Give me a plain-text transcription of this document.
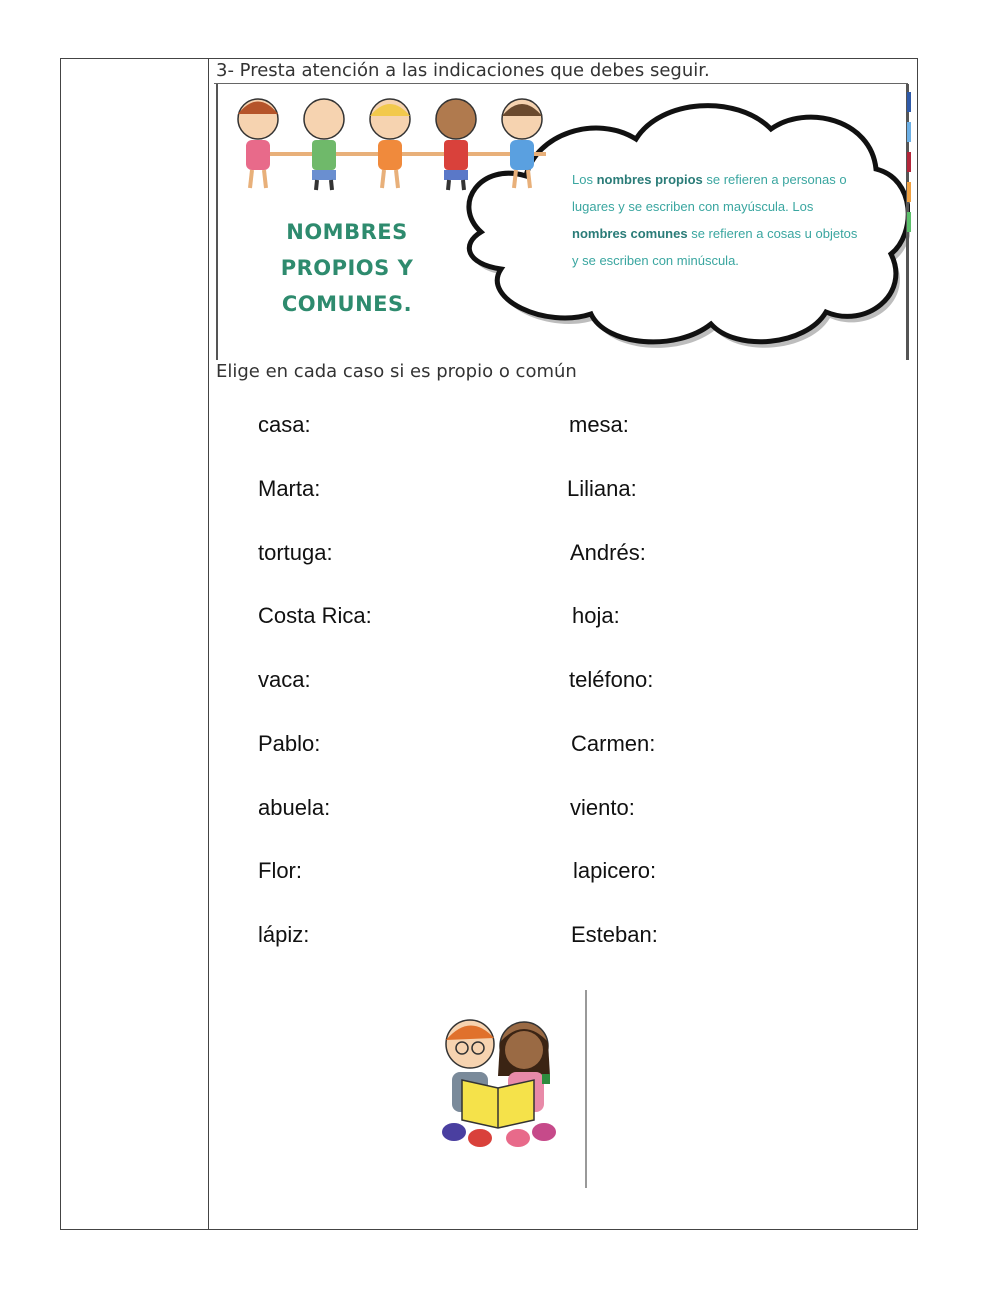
3- Presta atención a las indicaciones que debes seguir.
NOMBRES
PROPIOS Y
COMUNES.
Los nombres propios se refieren a personas o lugares y se escriben con mayúscula. Los nombres comunes se refieren a cosas u objetos y se escriben con minúscula.
Elige en cada caso si es propio o común
casa:
Marta:
tortuga:
Costa Rica:
vaca:
Pablo:
abuela:
Flor:
lápiz:
mesa:
Liliana:
Andrés:
hoja:
teléfono:
Carmen:
viento:
lapicero:
Esteban:
